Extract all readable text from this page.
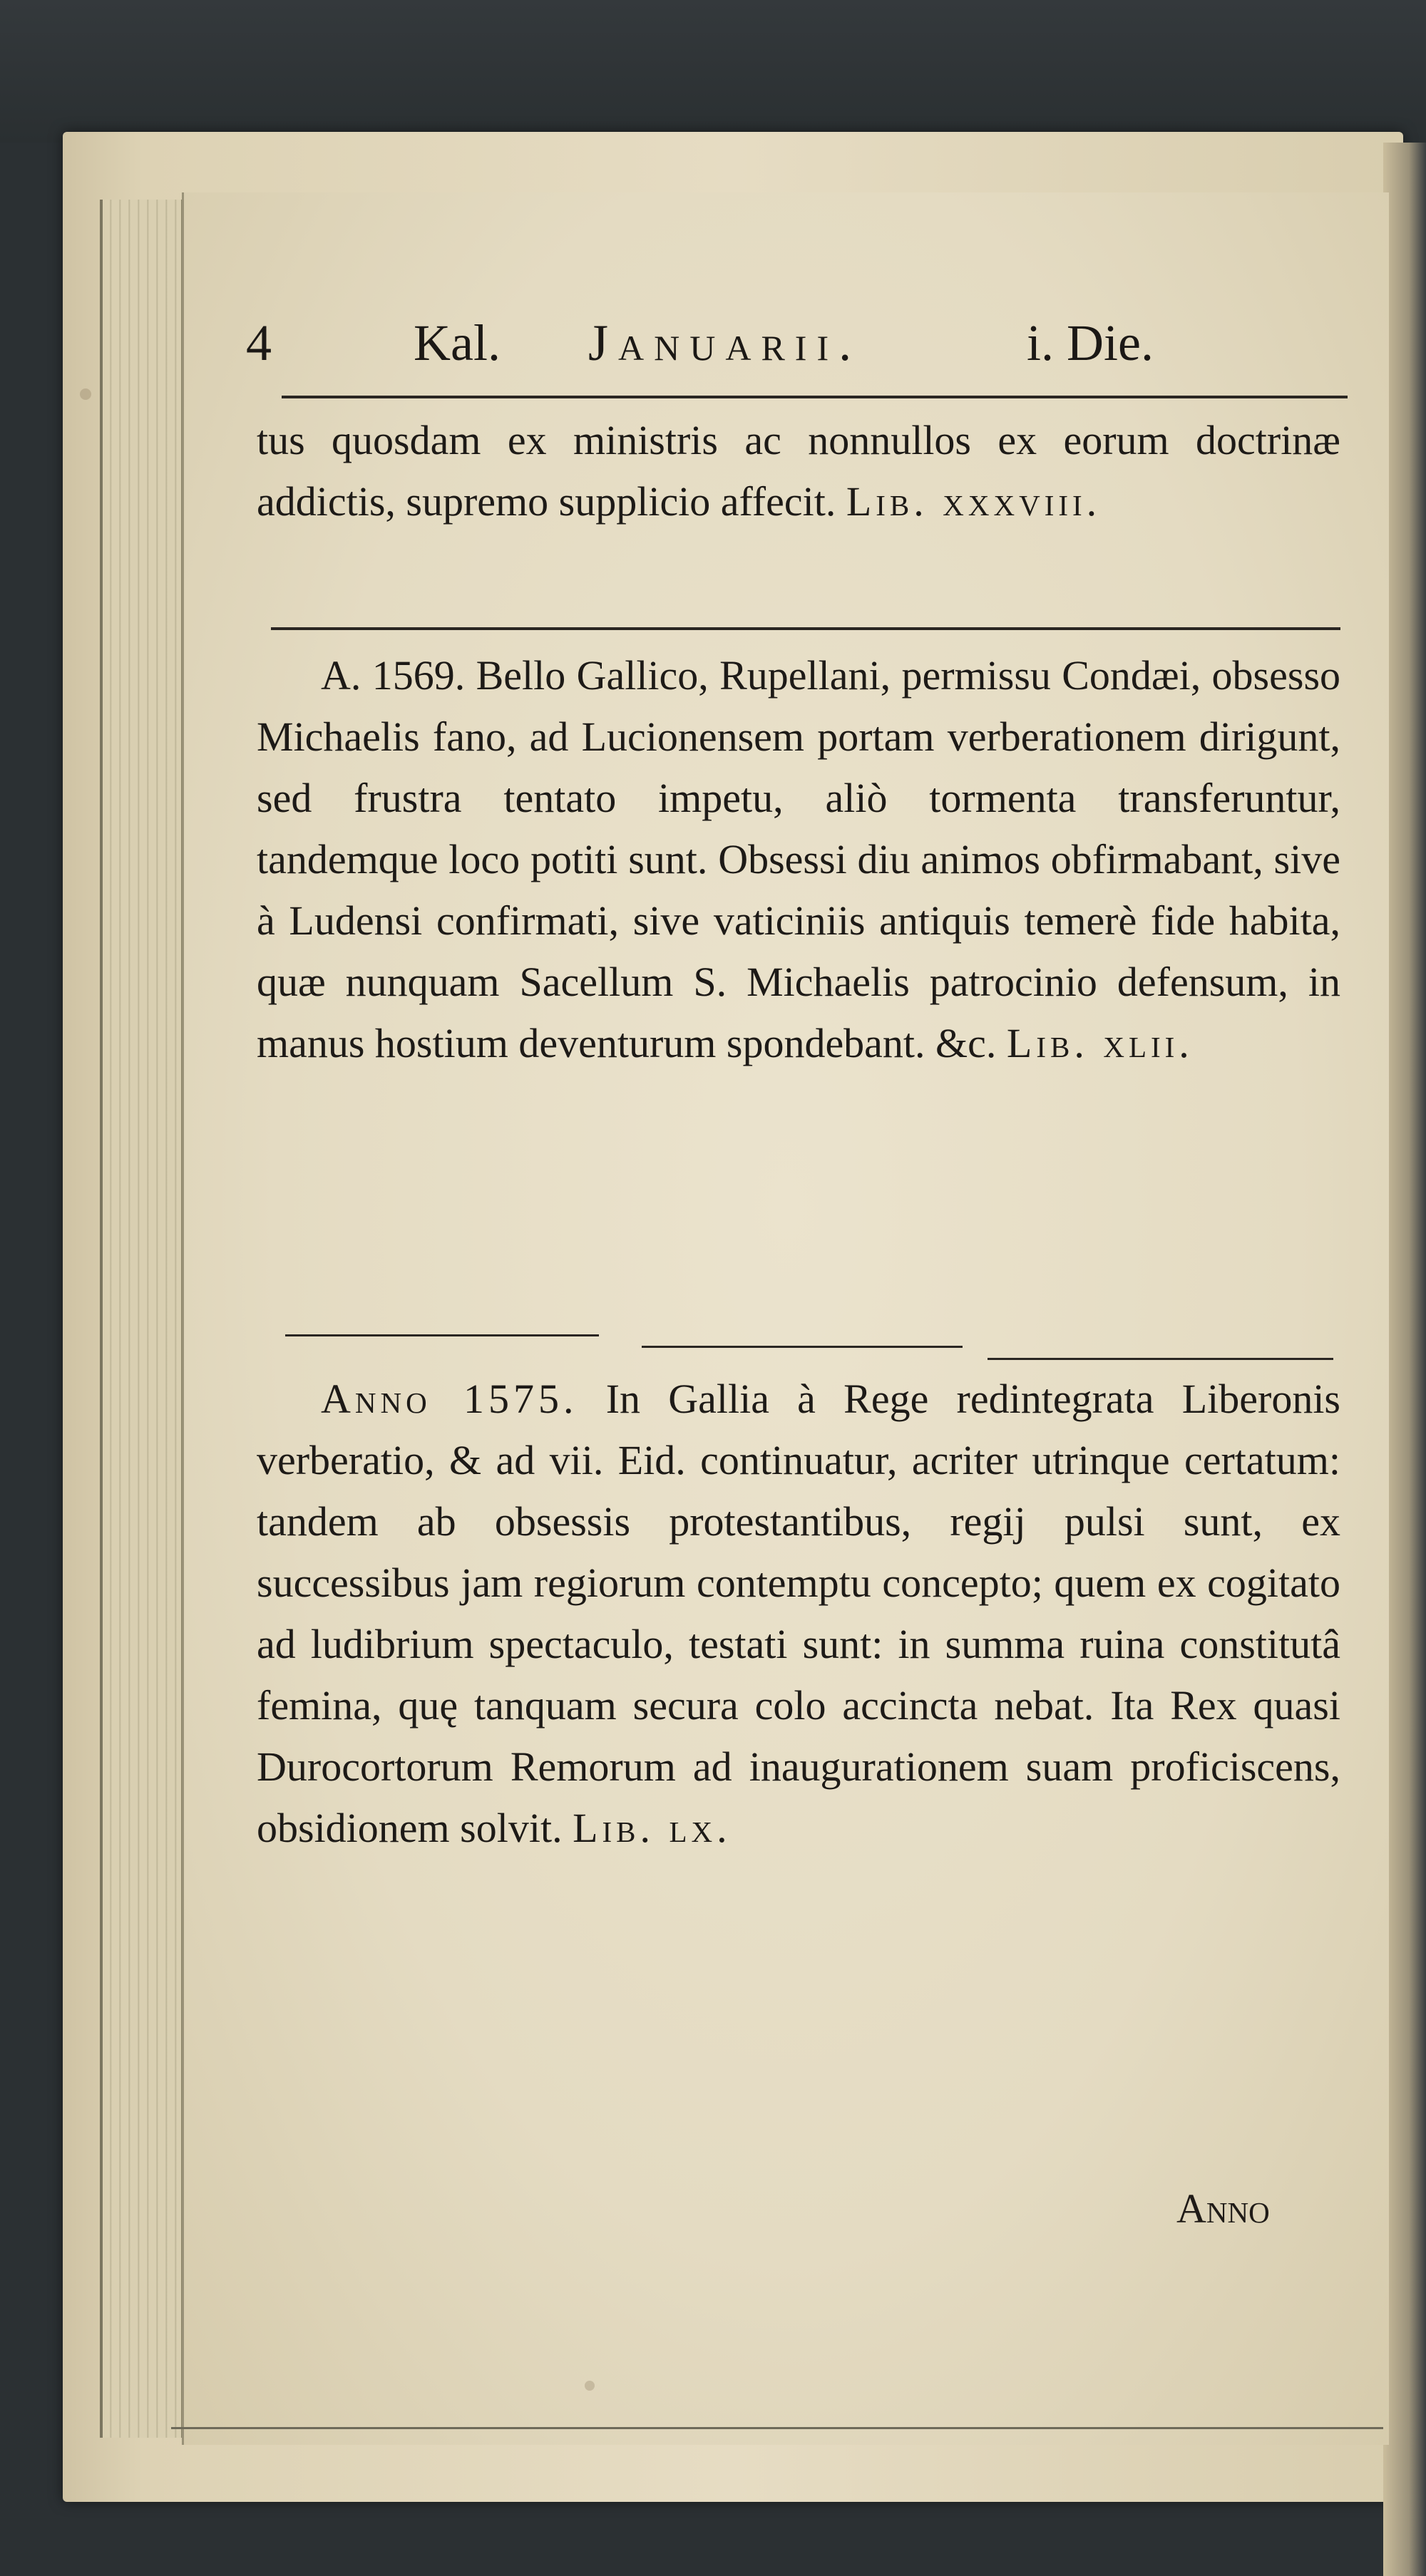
4	Kal. Januarii.	i. Die.

tus quosdam ex ministris ac nonnullos ex eorum doctrinæ addictis, supremo supplicio affecit. Lib. xxxviii.

A. 1569. Bello Gallico, Rupellani, permissu Condæi, obsesso Michaelis fano, ad Lucionensem portam verberationem dirigunt, sed frustra tentato impetu, aliò tormenta transferuntur, tandemque loco potiti sunt. Obsessi diu animos obfirmabant, sive à Ludensi confirmati, sive vaticiniis antiquis temerè fide habita, quæ nunquam Sacellum S. Michaelis patrocinio defensum, in manus hostium deventurum spondebant. &c. Lib. xlii.

Anno 1575. In Gallia à Rege redintegrata Liberonis verberatio, & ad vii. Eid. continuatur, acriter utrinque certatum: tandem ab obsessis protestantibus, regij pulsi sunt, ex successibus jam regiorum contemptu concepto; quem ex cogitato ad ludibrium spectaculo, testati sunt: in summa ruina constitutâ femina, quę tanquam secura colo accincta nebat. Ita Rex quasi Durocortorum Remorum ad inaugurationem suam proficiscens, obsidionem solvit. Lib. lx.

Anno
